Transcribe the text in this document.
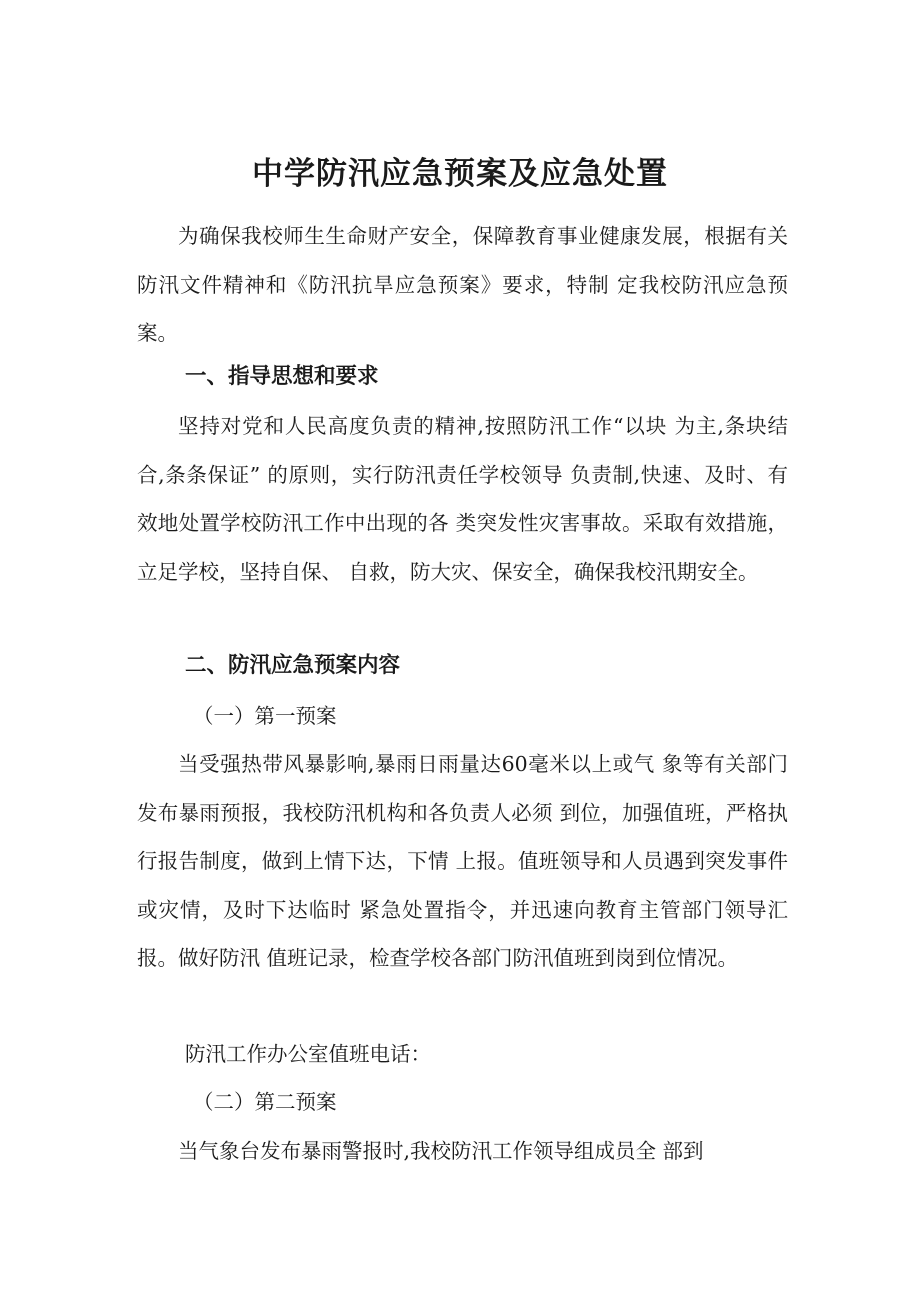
中学防汛应急预案及应急处置

为确保我校师生生命财产安全，保障教育事业健康发展，根据有关防汛文件精神和《防汛抗旱应急预案》要求，特制 定我校防汛应急预案。

一、指导思想和要求

坚持对党和人民高度负责的精神,按照防汛工作“以块 为主,条块结合,条条保证” 的原则，实行防汛责任学校领导 负责制,快速、及时、有效地处置学校防汛工作中出现的各 类突发性灾害事故。采取有效措施，立足学校，坚持自保、 自救，防大灾、保安全，确保我校汛期安全。

二、防汛应急预案内容

（一）第一预案

当受强热带风暴影响,暴雨日雨量达60毫米以上或气 象等有关部门发布暴雨预报，我校防汛机构和各负责人必须 到位，加强值班，严格执行报告制度，做到上情下达，下情 上报。值班领导和人员遇到突发事件或灾情，及时下达临时 紧急处置指令，并迅速向教育主管部门领导汇报。做好防汛 值班记录，检查学校各部门防汛值班到岗到位情况。

防汛工作办公室值班电话：

（二）第二预案

当气象台发布暴雨警报时,我校防汛工作领导组成员全 部到
